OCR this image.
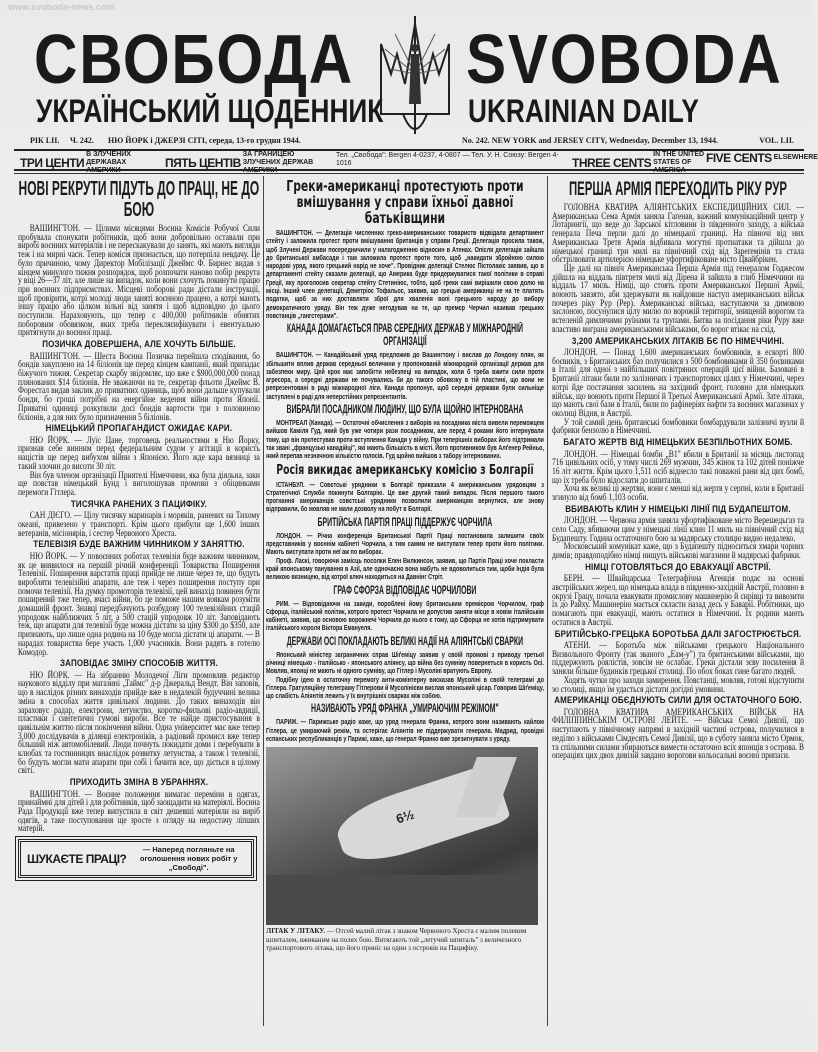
www.svoboda-news.com
СВОБОДА SVOBODA
УКРАЇНСЬКИЙ ЩОДЕННИК	UKRAINIAN DAILY
РІК LII. Ч. 242. НЮ ЙОРК і ДЖЕРЗІ СІТІ, середа, 13-го грудня 1944.	No. 242. NEW YORK and JERSEY CITY, Wednesday, December 13, 1944.	VOL. LII.
ТРИ ЦЕНТИ В ЗЛУЧЕНИХ ДЕРЖАВАХ АМЕРИКИ
ПЯТЬ ЦЕНТІВ ЗА ГРАНИЦЕЮ ЗЛУЧЕНИХ ДЕРЖАВ АМЕРИКИ
Тел. „Свобода": Bergen 4-0237, 4-0807 — Тел. У. Н. Союзу: Bergen 4-1016	THREE CENTS IN THE UNITED STATES OF AMERICA
FIVE CENTS ELSEWHERE
НОВІ РЕКРУТИ ПІДУТЬ ДО ПРАЦІ, НЕ ДО БОЮ

ВАШИНГТОН. — Цілими місяцями Воєнна Комісія Робучої Сили пробувала спонукати робітників, щоб вони добровільно оставали при виробі воєнних матеріялів і не перескакували до занять, які мають вигляди теж і на мирні часи. Тепер комісія признається, що потерпіла невдачу. Це було причиною, чому Директор Мобілізації Джеймс Ф. Бирнес видав з кінцем минулого тижня розпорядок, щоб розпочати наново побір рекрута у віці 26—37 літ, але лише на випадок, коли вони схочуть покинути працю при воєнних підприємствах. Місцеві поборові ради дістали інструкції, щоб провірити, котрі молоді люди заняті воєнною працею, а котрі мають іншу працю або цілком вільні від занятя і щоб відповідно до цього поступили. Нараховують, що тепер є 400,000 робітників обнятих поборовим обовязком, яких треба перекляєифікувати і евентуально притягнути до воєнної праці.

ПОЗИЧКА ДОВЕРШЕНА, АЛЕ ХОЧУТЬ БІЛЬШЕ.

ВАШИНГТОН. — Шеста Воєнна Позичка перейшла сподівання, бо бондів закуплено на 14 біліонів ще перед кінцем кампанії, який припадає біжучого тижня. Секретар скарбу звідомляє, що вже є $900,000,000 понад плянованих $14 біліонів. Не зважаючи на те, секретар фльоти Джеймс В. Форестал видав заклик до приватних одиниць, щоб вони дальше купували бонди, бо гроші потрібні на енергійне ведення війни проти Японії. Приватні одиниці розкупили досі бондів вартости три з половиною біліонів, а для них було призначення 5 біліонів.

НІМЕЦЬКИЙ ПРОПАГАНДИСТ ОЖИДАЄ КАРИ.

НЮ ЙОРК. — Луїс Цане, торговець реальностями в Ню Йорку, признав себе винним перед федеральним судом у агітації в користь націстів ще перед вибухом війни з Японією. Його жде кара вязниці за такий злочин до висоти 30 літ.

Він був членом організації Приятелі Німеччини, яка була діяльна, заки ще повстав німецький Бунд і виголошував промови з обіцянками перемоги Гітлера.

ТИСЯЧКА РАНЕНИХ З ПАЦИФІКУ.

САН ДІЄГО. — Цілу тисячку маринарів і моряків, ранених на Тихому океані, привезено у транспорті. Крім цього прибули ще 1,600 інших ветеранів, місіонярів, і сестер Червоного Хреста.

ТЕЛЕВІЗІЯ БУДЕ ВАЖНИМ ЧИННИКОМ У ЗАНЯТТЮ.

НЮ ЙОРК. — У повоєнних роботах телевізія буде важним чинником, як це виявилося на першій річній конференції Товариства Поширення Телевізії. Поширення варстатів праці прийде не лише через те, що будуть виробляти телевізійні апарати, але теж і через поширення поступу при помочи телевізії. На думку промоторів телевізії, цей винахід повинен бути поширений тже тепер, вчасі війни, бо це поможе нашим воякам розуміти домашній фронт. Знавці передбачують розбудову 100 телевізійних стацій упродовж найближчих 5 літ, а 500 стацій упродовж 10 літ. Заповідають теж, що апарати для телевізії буде можна дістати за ціну $300 до $350, але признають, що лише одна родина на 10 буде могла дістати ці апарати. — В нарадах товариства бере участь 1,000 учасників. Вони радять в готелю Комодор.

ЗАПОВІДАЄ ЗМІНУ СПОСОБІВ ЖИТТЯ.

НЮ ЙОРК. — На зібранню Молодечої Ліги промовляв редактор наукового відділу при магазині „Таймс" д-р Джеральд Вендт. Він заповів, що в наслідок різних винаходів прийде вже в недалекій будуччині велика зміна в способах життя цивільної людини. До таких винаходів він зараховує радар, електрони, летунство, коротко-фильові радіо-авдиції, пластики і синтетичні гумові вироби. Все те найде пристосування в цивільнім життю після покінчення війни. Одна університет має вже тепер 3,000 дослідувачів в ділянці електроніків, а радіовий промисл вже тепер більший ніж автомобілевий. Люди почнуть покидати доми і перебувати в клюбах та гостинницях внаслідок розвитку летунства, а також і телевізії, бо будуть могли мати апарати при собі і бачити все, що діється в цілому світі.

ПРИХОДИТЬ ЗМІНА В УБРАННЯХ.

ВАШИНГТОН. — Воєнне положення вимагає переміни в одягах, принаймні для дітей і для робітників, щоб заощадити на матеріялі. Воєнна Рада Продукції вже тепер випустила в світ дешевші матеріяли на виріб одягів, а таке поступовання ще зросте з огляду на недостачу ліпших матерій.

ШУКАЄТЕ ПРАЦІ?
— Наперед погляньте на оголошення нових робіт у „Свободі".
Греки-американці протестують проти вмішування у справи їхньої давної батьківщини

ВАШИНГТОН. — Делегація численних греко-американських товариств відвідала департамент стейту і заложила протест проти вмішування британців у справи Греції. Делегація просила також, щоб Злучені Держави посередничили у налагодженню відносин в Атенах. Опісля делегація зайшла до британської амбасади і там заложила протест проти того, щоб „накидати збройною силою народові уряд, якого грецький нарід не хоче". Провідник делегації Стелюс Пістолакіс заявив, що в департаменті стейту сказали делегації, що Америка буде придержуватися такої політики в справі Греції, яку проголосив секретар стейту Стетиніюс, тобто, щоб греки самі вирішили свою долю на місці. Інший член делегації, Деметріос Тофальос, заявив, що грецькі американці не на те платять податки, щоб за них доставляти зброї для хваленія волі грецького народу до вибору демократичного уряду. Він теж дуже негодував на те, що премєр Черчил називав грецьких повстанців „гангстерами".

КАНАДА ДОМАГАЄТЬСЯ ПРАВ СЕРЕДНИХ ДЕРЖАВ У МІЖНАРОДНІЙ ОРГАНІЗАЦІЇ

ВАШИНГТОН. — Канадійський уряд предложив до Вашингтону і вислав до Лондону плян, як збільшити вплив держав середньої величини у пропонованій міжнародній організації держав для забезпеки миру. Цей крок має запобігти небезпеці на випадок, коли б треба вжити сили проти агресора, а середні держави не почувались би до такого обовязку в тій пластині, що вони не репрезентовані в раді міжнародної ліги. Канада пропонує, щоб середні держави були сильніще заступлені в раді для неперстійних репрезентантів.

ВИБРАЛИ ПОСАДНИКОМ ЛЮДИНУ, ЩО БУЛА ЩОЙНО ІНТЕРНОВАНА

МОНТРЕАЛ (Канада). — Остаточні обчислення з виборів на посадника міста вивели переможцем вийшов Каміля Гуд, який був уже чотири рази посадником, але перед 4 роками його інтернували тому, що він протестував проти вступлення Канади у війну. При теперішніх виборах його підтримали так звані „французькі канадійці", які мають більшість в місті. Його противником був Алґенер Рейньо, який перепав незначною кількістю голосів. Гуд щойно вийшов з табору інтернованих.

Росія викидає американську комісію з Болгарії

ІСТАНБУЛ. — Совєтські урядники в Болгарії приказали 4 американським урядовцям з Стратегічної Служби покинути Болгарію. Це вже другий такий випадок. Після першого такого прогнання американців совєтські урядники позволили американцям вернутися, але знову відправили, бо мовляв не мали дозволу на побут в Болгарії.

БРИТІЙСЬКА ПАРТІЯ ПРАЦІ ПІДДЕРЖУЄ ЧОРЧИЛА

ЛОНДОН. — Річна конференція Британської Партії Праці постановила залишити своїх представників у воєннім кабінеті Чорчила, а тим самим не виступати тепер проти його політики. Мають виступати проти неї аж по виборах.

Проф. Ласкі, говорючи замісць посолки Елен Вилкинсон, заявив, що Партія Праці хоче покласти край японському панування в Азії, але одночасно вона мабуть не вдоволиться тим, щоби Індія була великою вязницею, від котрої ключ находиться на Давнінг Стріт.

ГРАФ СФОРЗА ВІДПОВІДАЄ ЧОРЧИЛОВИ

РИМ. — Відповідаючи на закиди, пороблені йому британським премієром Чорчилом, граф Сфорца, італійський політик, котрого протест Чорчила не допустив заняти місце в новім італійськім кабінеті, заявив, що основою ворожнечі Чорчила до нього є тому, що Сфорца не хотів підтримувати італійського короля Віктора Емануеля.

ДЕРЖАВИ ОСІ ПОКЛАДАЮТЬ ВЕЛИКІ НАДІЇ НА АЛІЯНТСЬКІ СВАРКИ

Японський міністер заграничних справ Шіґеміцу заявив у своїй промові з приводу третьої річниці німецько - італійсько - японського аліянсу, що війна без сумніву повернеться в користь Осі. Мовляв, японці не мають ні одного сумніву, що Гітлер і Мусоліні вратують Европу.

Подібну ідею в остаточну перемогу анти-комінтерну висказав Мусоліні в своїй телеграмі до Гітлера. Гратуляційну телеграму Гітлерови й Мусолінієви вислав японський цісар. Говорив Шіґеміцу, що слабість Аліянтів лежить у їх внутрішніх сварках між собою.

НАЗИВАЮТЬ УРЯД ФРАНКА „УМИРАЮЧИМ РЕЖІМОМ"

ПАРИЖ. — Парижське радіо каже, що уряд генерала Франка, котрого вони називають кайлом Гітлера, це умираючий режім, та остерігає Аліянтів не піддержувати генерала. Мадрид, провідні еспанських республиканців у Парижі, каже, що генерал Франко вже зрезигнувати з уряду.

6½
ЛІТАК У ЛІТАКУ. — Отсей малий літак з знаком Червоного Хреста є малим полевим шпиталем, вживаним на полях бою. Витягають той „летучий шпиталь" з величезного транспортового літака, що його приніс на один з островів на Пацифіку.
ПЕРША АРМІЯ ПЕРЕХОДИТЬ РІКУ РУР

ГОЛОВНА КВАТИРА АЛІЯНТСЬКИХ ЕКСПЕДИЦІЙНИХ СИЛ. — Американська Сема Армія заняла Гаґенав, важний комунікаційний центр у Лотарингії, що веде до Зарської кітловини із південного заходу, а війська генерала Печа перли далі до німецької границі. На півночі від них Американська Третя Армія відбивала могутні протиатаки та дійшла до німецької границі три милі на північний схід від Зареґемінів та стала обстрілювати артилерією німецьке уфортифіковане місто Цвайбрікен.

Ще далі на північ Американська Перша Армія під генералом Годжесом дійшла на віддаль півтретя милі від Дірена й зайшла в глиб Німеччини на віддаль 17 миль. Німці, що стоять проти Американської Першої Армії, воюють завзято, аби здержувати як найдовше наступ американських військ почерез ріку Рур (Рер). Американські війська, наступаючи за димовою заслоною, посунулися цілу милю по ворожій території, знищеній ворогом та встеленій димлячими руїнами та трупами. Битва за посідання ріки Руру вже властиво виграна американськими військами, бо ворог втікає на схід.

3,200 АМЕРИКАНСЬКИХ ЛІТАКІВ БЄ ПО НІМЕЧЧИНІ.

ЛОНДОН. — Понад 1,600 американських бомбовиків, в ескорті 800 боєвиків, з Британських баз получилися з 500 бомбовиками й 350 боєвиками в Італії для одної з найбільших повітряних операцій цієї війни. Базовані в Британії літаки били по залізничих і транспортових цілях у Німеччині, через котрі йде постачання засилень на західний фронт, головно для німецьких військ, що воюють проти Першої й Третьої Американської Армії. Зате літаки, що мають свої бази в Італії, били по рафінеріях нафти та воєнних магазинах у околиці Відня, в Австрії.

У той самий день британські бомбовики бомбардували залізничі вузли й фабрики бензолю в Німеччині.

БАГАТО ЖЕРТВ ВІД НІМЕЦЬКИХ БЕЗПІЛЬОТНИХ БОМБ.

ЛОНДОН. — Німецькі бомби „В1" вбили в Британії за місяць листопад 716 цивільних осіб, у тому числі 269 мужчин, 345 жінок та 102 дітей поніжче 16 літ життя. Крім цього 1,511 осіб віднесло такі поважні рани від цих бомб, що їх треба було відослати до шпиталів.

Хоча як великі ці жертви, вони є менші від жертв у серпні, коли в Британії згинуло від бомб 1,103 особи.

ВБИВАЮТЬ КЛИН У НІМЕЦЬКІ ЛІНІЇ ПІД БУДАПЕШТОМ.

ЛОНДОН. — Червона армія заняла уфортифіковане місто Верешедьгаз та село Саду, вбиваючи цим у німецькі лінії клин 11 миль на північний схід від Будапешту. Година остаточного бою за мадярську столицю видно недалеко.

Московський комунікат каже, що з Будапешту підноситься хмари чорних димів; правдоподібно німці нищуть військові магазини й мадярські фабрики.

НІМЦІ ГОТОВЛЯТЬСЯ ДО ЕВАКУАЦІЇ АВСТРІЇ.

БЕРН. — Швайцарська Телеграфічна Агенція подає на основі австрійських жерел, що німецька влада в південно-західній Австрії, головно в окрузі Грацу, почала евакувати промислову машинерію й сирівці та вивозити їх до Райху. Машинерію мається скласти назад десь у Баварії. Робітники, що помагають при евакуації, мають остатися в Німеччині. Їх родини мають остатися в Австрії.

БРИТІЙСЬКО-ГРЕЦЬКА БОРОТЬБА ДАЛІ ЗАГОСТРЮЄТЬСЯ.

АТЕНИ. — Боротьба між військами грецького Національного Визвольного Фронту (так званого „Еам-у") та британськими військами, що піддержують роялістів, зовсім не ослабає. Греки дістали зєву посилення й заняли більше будинків грецької столиці. По обох боках гине багато людей.

Ходять чутки про заходи замирення. Повстанці, мовляв, готові відступити зо столиці, якщо їм удасться дістати догідні умовини.

АМЕРИКАНЦІ ОБЄДНУЮТЬ СИЛИ ДЛЯ ОСТАТОЧНОГО БОЮ.

ГОЛОВНА КВАТИРА АМЕРИКАНСЬКИХ ВІЙСЬК НА ФИЛІППИНСЬКІМ ОСТРОВІ ЛЕЙТЕ. — Війська Семої Дивізії, що наступають у північному напрямі в західній частині острова, получилися в неділю з військами Сімдесять Семої Дивізії, що в суботу заняла місто Ормок, та спільними силами збираються вимести остаточно всіх японців з острова. В операціях цих двох дивізій завдано ворогови кольосальні воєнні припаси.
